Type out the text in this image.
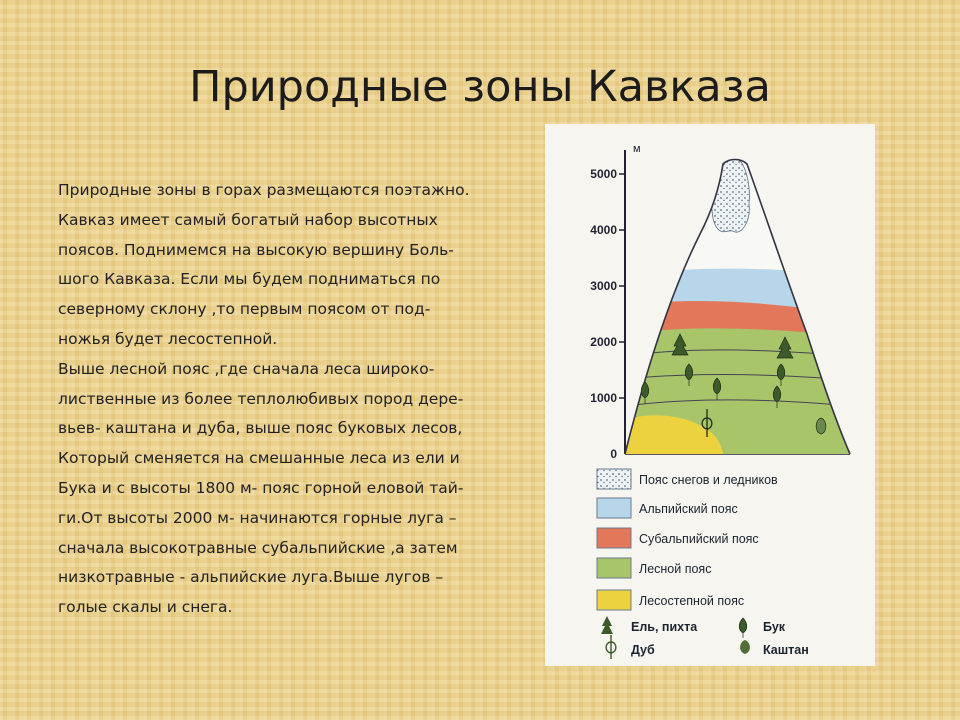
Природные зоны Кавказа
Природные зоны в горах размещаются поэтажно.
Кавказ имеет самый богатый набор высотных
поясов. Поднимемся на высокую вершину Боль-
шого Кавказа. Если мы будем подниматься по
северному склону ,то первым поясом от под-
ножья будет лесостепной.
Выше лесной пояс ,где сначала леса широко-
лиственные из более теплолюбивых пород дере-
вьев- каштана и дуба, выше пояс буковых лесов,
Который сменяется на смешанные леса из ели и
Бука и с высоты 1800 м- пояс горной еловой тай-
ги.От высоты 2000 м- начинаются горные луга –
сначала высокотравные субальпийские ,а затем
низкотравные - альпийские луга.Выше лугов –
голые скалы и снега.
м
5000
4000
3000
2000
1000
0
Пояс снегов и ледников
Альпийский пояс
Субальпийский пояс
Лесной пояс
Лесостепной пояс
Ель, пихта	Бук
Дуб	Каштан
